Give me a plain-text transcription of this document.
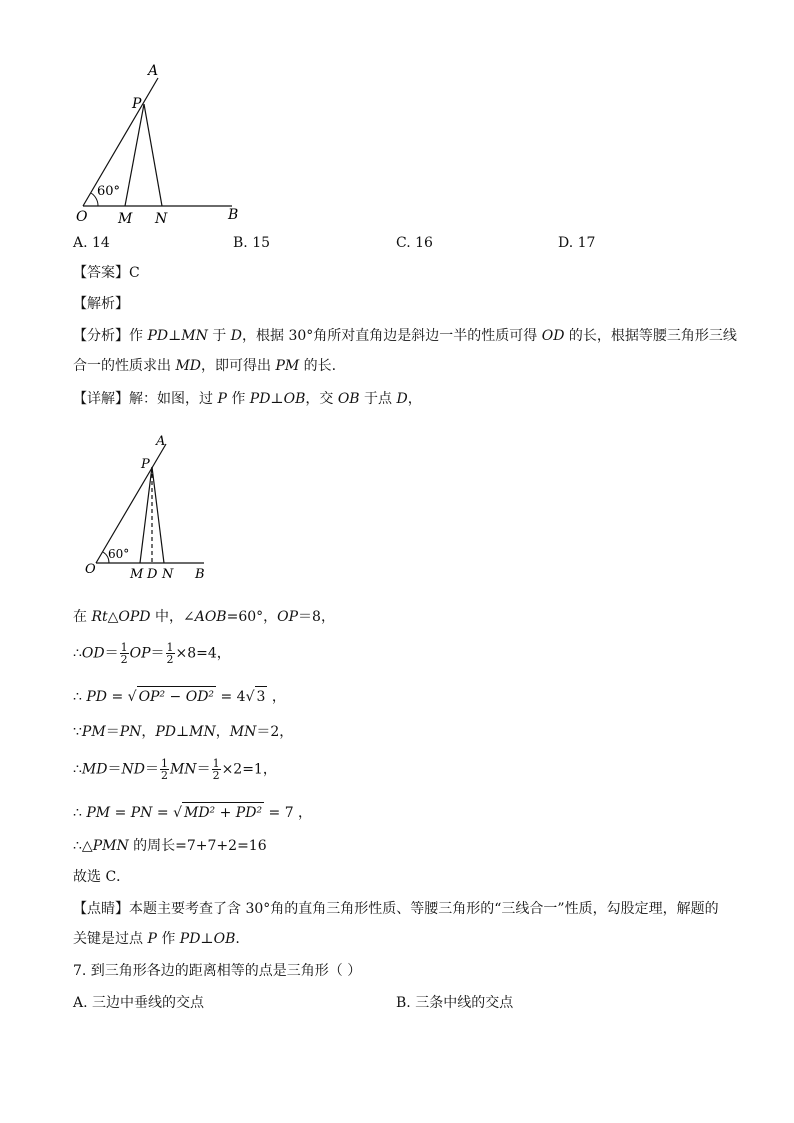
A
P
60°
O M N	B
A. 14	B. 15	C. 16	D. 17
【答案】C
【解析】
【分析】作 PD⊥MN 于 D，根据 30°角所对直角边是斜边一半的性质可得 OD 的长，根据等腰三角形三线
合一的性质求出 MD，即可得出 PM 的长.
【详解】解：如图，过 P 作 PD⊥OB，交 OB 于点 D，
A
P
60°
O	M D N B
在 Rt△OPD 中，∠AOB=60°，OP＝8，
∴OD＝ $\frac{1}{2} OP= \frac{1}{2} \times 8=4$，
∴ PD = √ OP² − OD² = 4√ 3 ，
∵PM＝PN，PD⊥MN，MN＝2，
∴MD＝ND＝ $\frac{1}{2} MN= \frac{1}{2} \times 2=1$，
∴ PM = PN = √ MD² + PD² = 7 ，
∴△PMN 的周长=7+7+2=16
故选 C．
【点睛】本题主要考查了含 30°角的直角三角形性质、等腰三角形的“三线合一”性质，勾股定理，解题的
关键是过点 P 作 PD⊥OB.
7. 到三角形各边的距离相等的点是三角形（ ）
A. 三边中垂线的交点	B. 三条中线的交点
